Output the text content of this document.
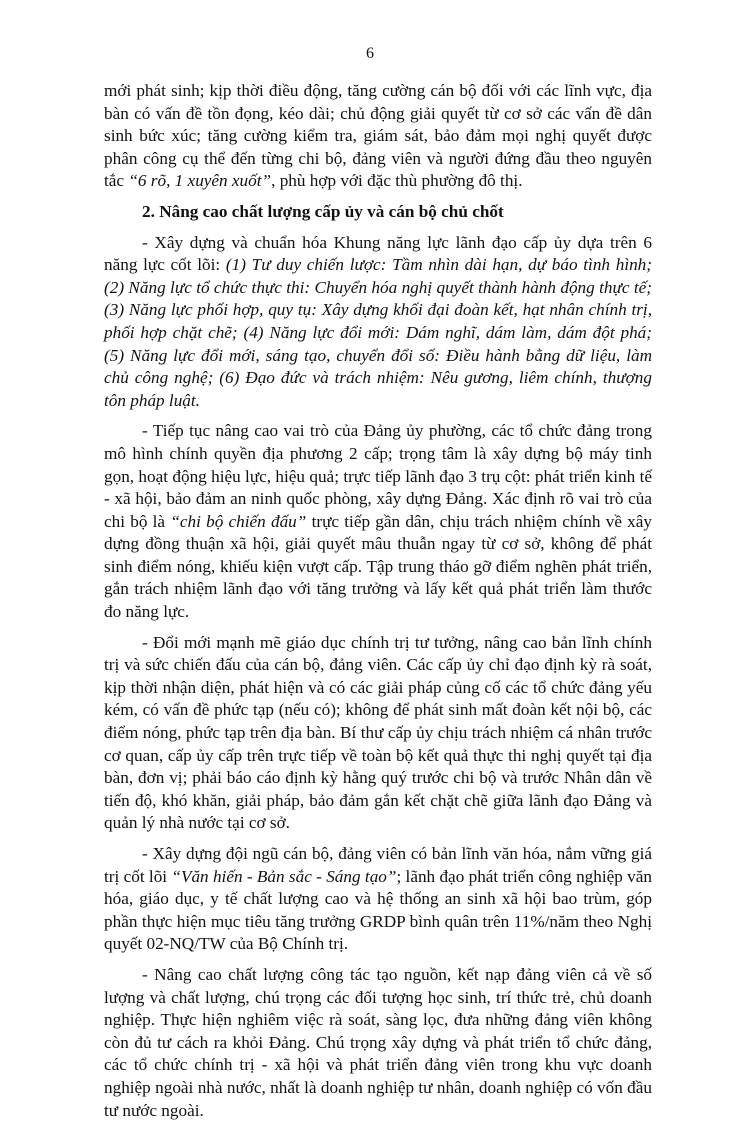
6

mới phát sinh; kịp thời điều động, tăng cường cán bộ đối với các lĩnh vực, địa bàn có vấn đề tồn đọng, kéo dài; chủ động giải quyết từ cơ sở các vấn đề dân sinh bức xúc; tăng cường kiểm tra, giám sát, bảo đảm mọi nghị quyết được phân công cụ thể đến từng chi bộ, đảng viên và người đứng đầu theo nguyên tắc “6 rõ, 1 xuyên xuốt”, phù hợp với đặc thù phường đô thị.

2. Nâng cao chất lượng cấp ủy và cán bộ chủ chốt

- Xây dựng và chuẩn hóa Khung năng lực lãnh đạo cấp ủy dựa trên 6 năng lực cốt lõi: (1) Tư duy chiến lược: Tầm nhìn dài hạn, dự báo tình hình; (2) Năng lực tổ chức thực thi: Chuyển hóa nghị quyết thành hành động thực tế; (3) Năng lực phối hợp, quy tụ: Xây dựng khối đại đoàn kết, hạt nhân chính trị, phối hợp chặt chẽ; (4) Năng lực đổi mới: Dám nghĩ, dám làm, dám đột phá; (5) Năng lực đổi mới, sáng tạo, chuyển đổi số: Điều hành bằng dữ liệu, làm chủ công nghệ; (6) Đạo đức và trách nhiệm: Nêu gương, liêm chính, thượng tôn pháp luật.

- Tiếp tục nâng cao vai trò của Đảng ủy phường, các tổ chức đảng trong mô hình chính quyền địa phương 2 cấp; trọng tâm là xây dựng bộ máy tinh gọn, hoạt động hiệu lực, hiệu quả; trực tiếp lãnh đạo 3 trụ cột: phát triển kinh tế - xã hội, bảo đảm an ninh quốc phòng, xây dựng Đảng. Xác định rõ vai trò của chi bộ là “chi bộ chiến đấu” trực tiếp gần dân, chịu trách nhiệm chính về xây dựng đồng thuận xã hội, giải quyết mâu thuẫn ngay từ cơ sở, không để phát sinh điểm nóng, khiếu kiện vượt cấp. Tập trung tháo gỡ điểm nghẽn phát triển, gắn trách nhiệm lãnh đạo với tăng trưởng và lấy kết quả phát triển làm thước đo năng lực.

- Đổi mới mạnh mẽ giáo dục chính trị tư tưởng, nâng cao bản lĩnh chính trị và sức chiến đấu của cán bộ, đảng viên. Các cấp ủy chỉ đạo định kỳ rà soát, kịp thời nhận diện, phát hiện và có các giải pháp củng cố các tổ chức đảng yếu kém, có vấn đề phức tạp (nếu có); không để phát sinh mất đoàn kết nội bộ, các điểm nóng, phức tạp trên địa bàn. Bí thư cấp ủy chịu trách nhiệm cá nhân trước cơ quan, cấp ủy cấp trên trực tiếp về toàn bộ kết quả thực thi nghị quyết tại địa bàn, đơn vị; phải báo cáo định kỳ hằng quý trước chi bộ và trước Nhân dân về tiến độ, khó khăn, giải pháp, bảo đảm gắn kết chặt chẽ giữa lãnh đạo Đảng và quản lý nhà nước tại cơ sở.

- Xây dựng đội ngũ cán bộ, đảng viên có bản lĩnh văn hóa, nắm vững giá trị cốt lõi “Văn hiến - Bản sắc - Sáng tạo”; lãnh đạo phát triển công nghiệp văn hóa, giáo dục, y tế chất lượng cao và hệ thống an sinh xã hội bao trùm, góp phần thực hiện mục tiêu tăng trưởng GRDP bình quân trên 11%/năm theo Nghị quyết 02-NQ/TW của Bộ Chính trị.

- Nâng cao chất lượng công tác tạo nguồn, kết nạp đảng viên cả về số lượng và chất lượng, chú trọng các đối tượng học sinh, trí thức trẻ, chủ doanh nghiệp. Thực hiện nghiêm việc rà soát, sàng lọc, đưa những đảng viên không còn đủ tư cách ra khỏi Đảng. Chú trọng xây dựng và phát triển tổ chức đảng, các tổ chức chính trị - xã hội và phát triển đảng viên trong khu vực doanh nghiệp ngoài nhà nước, nhất là doanh nghiệp tư nhân, doanh nghiệp có vốn đầu tư nước ngoài.
